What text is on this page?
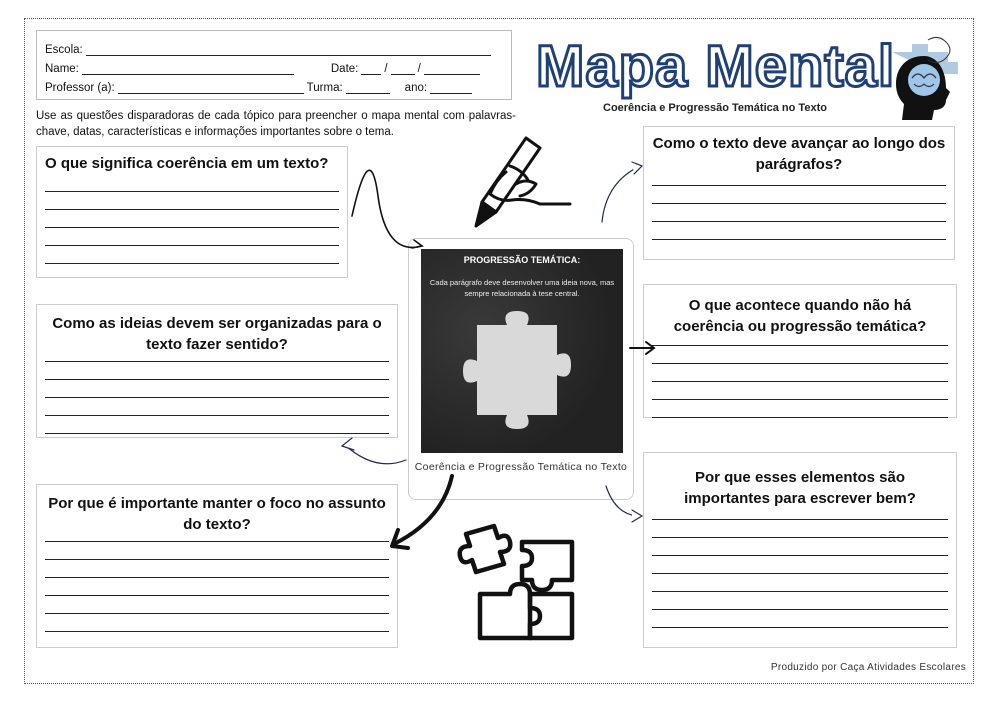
Escola:
Name:	Date: /	/
Professor (a):	Turma:	ano:
Use as questões disparadoras de cada tópico para preencher o mapa mental com palavras-chave, datas, características e informações importantes sobre o tema.
Mapa Mental
Coerência e Progressão Temática no Texto
O que significa coerência em um texto?
Como as ideias devem ser organizadas para o texto fazer sentido?
Por que é importante manter o foco no assunto do texto?
Como o texto deve avançar ao longo dos parágrafos?
O que acontece quando não há coerência ou progressão temática?
Por que esses elementos são importantes para escrever bem?
PROGRESSÃO TEMÁTICA:
Cada parágrafo deve desenvolver uma ideia nova, mas sempre relacionada à tese central.
Coerência e Progressão Temática no Texto
Produzido por Caça Atividades Escolares
